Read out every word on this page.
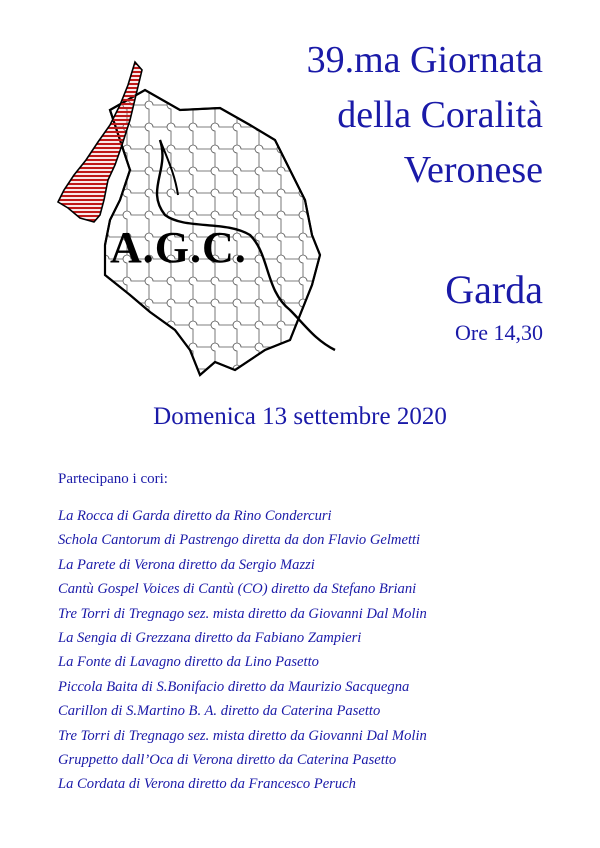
A.G.C.
39.ma Giornata
della Coralità
Veronese
Garda
Ore 14,30
Domenica 13 settembre 2020
Partecipano i cori:
La Rocca di Garda diretto da Rino Condercuri
Schola Cantorum di Pastrengo diretta da don Flavio Gelmetti
La Parete di Verona diretto da Sergio Mazzi
Cantù Gospel Voices di Cantù (CO) diretto da Stefano Briani
Tre Torri di Tregnago sez. mista diretto da Giovanni Dal Molin
La Sengia di Grezzana diretto da Fabiano Zampieri
La Fonte di Lavagno diretto da Lino Pasetto
Piccola Baita di S.Bonifacio diretto da Maurizio Sacquegna
Carillon di S.Martino B. A. diretto da Caterina Pasetto
Tre Torri di Tregnago sez. mista diretto da Giovanni Dal Molin
Gruppetto dall’Oca di Verona diretto da Caterina Pasetto
La Cordata di Verona diretto da Francesco Peruch
